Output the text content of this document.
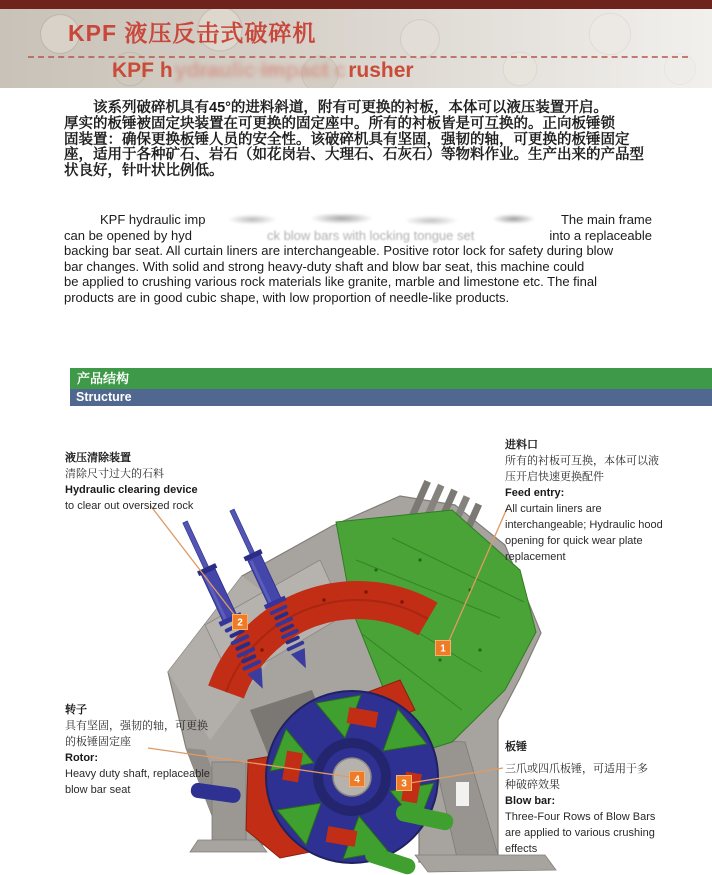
KPF 液压反击式破碎机
KPF h ydraulic impact c rusher
该系列破碎机具有45°的进料斜道，附有可更换的衬板，本体可以液压装置开启。
厚实的板锤被固定块装置在可更换的固定座中。所有的衬板皆是可互换的。正向板锤锁
固装置：确保更换板锤人员的安全性。该破碎机具有坚固，强韧的轴，可更换的板锤固定
座，适用于各种矿石、岩石（如花岗岩、大理石、石灰石）等物料作业。生产出来的产品型
状良好，针叶状比例低。
KPF hydraulic imp	The main frame
can be opened by hyd	ck blow bars with locking tongue set	into a replaceable
backing bar seat. All curtain liners are interchangeable. Positive rotor lock for safety during blow
bar changes. With solid and strong heavy-duty shaft and blow bar seat, this machine could
be applied to crushing various rock materials like granite, marble and limestone etc. The final
products are in good cubic shape, with low proportion of needle-like products.
产品结构
Structure
1
2
3
4
液压清除装置
清除尺寸过大的石料
Hydraulic clearing device
to clear out oversized rock
进料口
所有的衬板可互换，本体可以液压开启快速更换配件
Feed entry:
All curtain liners are interchangeable; Hydraulic hood opening for quick wear plate replacement
转子
具有坚固，强韧的轴，可更换的板锤固定座
Rotor:
Heavy duty shaft, replaceable blow bar seat
板锤
三爪或四爪板锤，可适用于多种破碎效果
Blow bar:
Three-Four Rows of Blow Bars are applied to various crushing effects
